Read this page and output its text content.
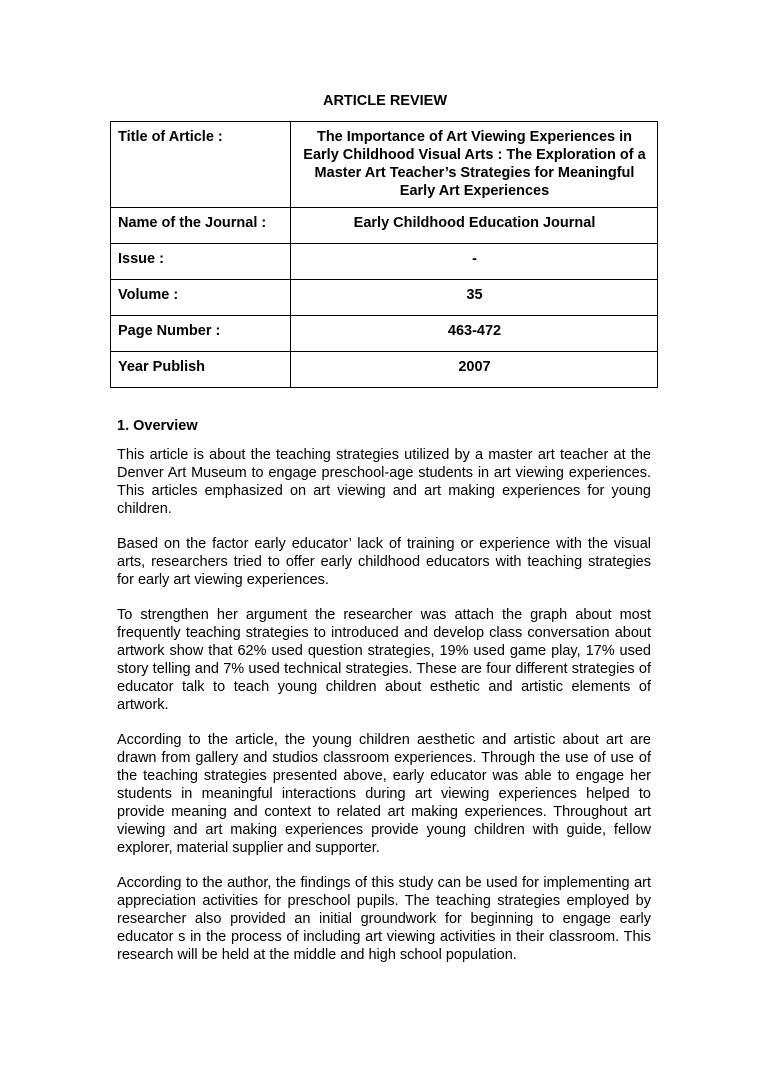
ARTICLE REVIEW
Title of Article :	The Importance of Art Viewing Experiences in Early Childhood Visual Arts : The Exploration of a Master Art Teacher’s Strategies for Meaningful Early Art Experiences
Name of the Journal :	Early Childhood Education Journal
Issue :	-
Volume :	35
Page Number :	463-472
Year Publish	2007
1. Overview

This article is about the teaching strategies utilized by a master art teacher at the Denver Art Museum to engage preschool-age students in art viewing experiences. This articles emphasized on art viewing and art making experiences for young children.

Based on the factor early educator’ lack of training or experience with the visual arts, researchers tried to offer early childhood educators with teaching strategies for early art viewing experiences.

To strengthen her argument the researcher was attach the graph about most frequently teaching strategies to introduced and develop class conversation about artwork show that 62% used question strategies, 19% used game play, 17% used story telling and 7% used technical strategies. These are four different strategies of educator talk to teach young children about esthetic and artistic elements of artwork.

According to the article, the young children aesthetic and artistic about art are drawn from gallery and studios classroom experiences. Through the use of use of the teaching strategies presented above, early educator was able to engage her students in meaningful interactions during art viewing experiences helped to provide meaning and context to related art making experiences. Throughout art viewing and art making experiences provide young children with guide, fellow explorer, material supplier and supporter.

According to the author, the findings of this study can be used for implementing art appreciation activities for preschool pupils. The teaching strategies employed by researcher also provided an initial groundwork for beginning to engage early educator s in the process of including art viewing activities in their classroom. This research will be held at the middle and high school population.
